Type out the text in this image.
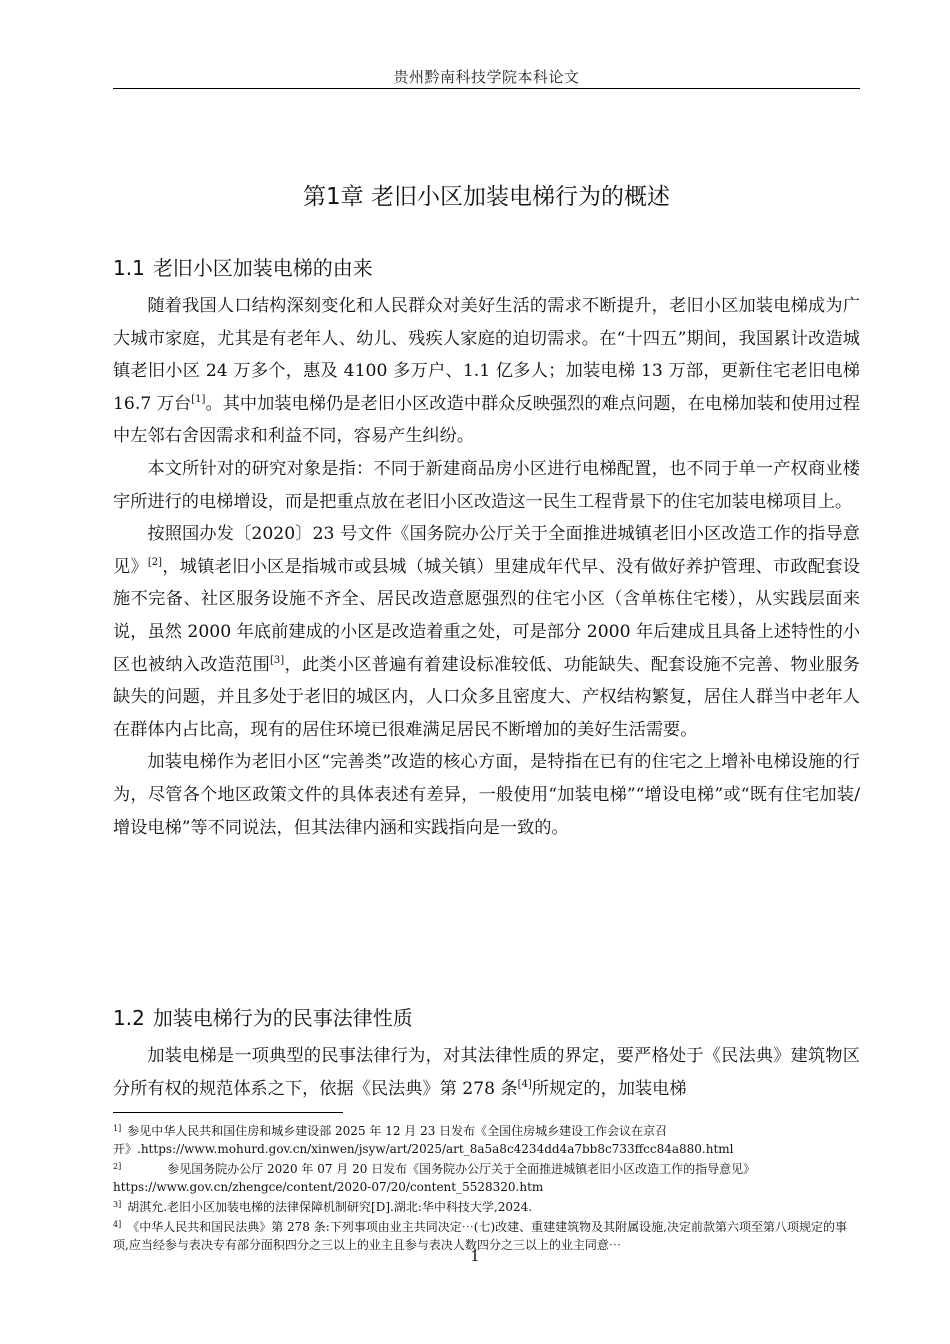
贵州黔南科技学院本科论文
第1章 老旧小区加装电梯行为的概述
1.1 老旧小区加装电梯的由来

随着我国人口结构深刻变化和人民群众对美好生活的需求不断提升，老旧小区加装电梯成为广大城市家庭，尤其是有老年人、幼儿、残疾人家庭的迫切需求。在“十四五”期间，我国累计改造城镇老旧小区 24 万多个，惠及 4100 多万户、1.1 亿多人；加装电梯 13 万部，更新住宅老旧电梯 16.7 万台[1]。其中加装电梯仍是老旧小区改造中群众反映强烈的难点问题，在电梯加装和使用过程中左邻右舍因需求和利益不同，容易产生纠纷。

本文所针对的研究对象是指：不同于新建商品房小区进行电梯配置，也不同于单一产权商业楼宇所进行的电梯增设，而是把重点放在老旧小区改造这一民生工程背景下的住宅加装电梯项目上。

按照国办发〔2020〕23 号文件《国务院办公厅关于全面推进城镇老旧小区改造工作的指导意见》[2]，城镇老旧小区是指城市或县城（城关镇）里建成年代早、没有做好养护管理、市政配套设施不完备、社区服务设施不齐全、居民改造意愿强烈的住宅小区（含单栋住宅楼），从实践层面来说，虽然 2000 年底前建成的小区是改造着重之处，可是部分 2000 年后建成且具备上述特性的小区也被纳入改造范围[3]，此类小区普遍有着建设标准较低、功能缺失、配套设施不完善、物业服务缺失的问题，并且多处于老旧的城区内，人口众多且密度大、产权结构繁复，居住人群当中老年人在群体内占比高，现有的居住环境已很难满足居民不断增加的美好生活需要。

加装电梯作为老旧小区“完善类”改造的核心方面，是特指在已有的住宅之上增补电梯设施的行为，尽管各个地区政策文件的具体表述有差异，一般使用“加装电梯”“增设电梯”或“既有住宅加装/增设电梯”等不同说法，但其法律内涵和实践指向是一致的。

1.2 加装电梯行为的民事法律性质

加装电梯是一项典型的民事法律行为，对其法律性质的界定，要严格处于《民法典》建筑物区分所有权的规范体系之下，依据《民法典》第 278 条[4]所规定的，加装电梯

$^{1]}$ 参见中华人民共和国住房和城乡建设部 2025 年 12 月 23 日发布《全国住房城乡建设工作会议在京召开》.https://www.mohurd.gov.cn/xinwen/jsyw/art/2025/art_8a5a8c4234dd4a7bb8c733ffcc84a880.html

$^{2]}$	参见国务院办公厅 2020 年 07 月 20 日发布《国务院办公厅关于全面推进城镇老旧小区改造工作的指导意见》https://www.gov.cn/zhengce/content/2020-07/20/content_5528320.htm

$^{3]}$ 胡淇允.老旧小区加装电梯的法律保障机制研究[D].湖北:华中科技大学,2024.

$^{4]}$ 《中华人民共和国民法典》第 278 条:下列事项由业主共同决定⋯(七)改建、重建建筑物及其附属设施,决定前款第六项至第八项规定的事项,应当经参与表决专有部分面积四分之三以上的业主且参与表决人数四分之三以上的业主同意⋯

1
